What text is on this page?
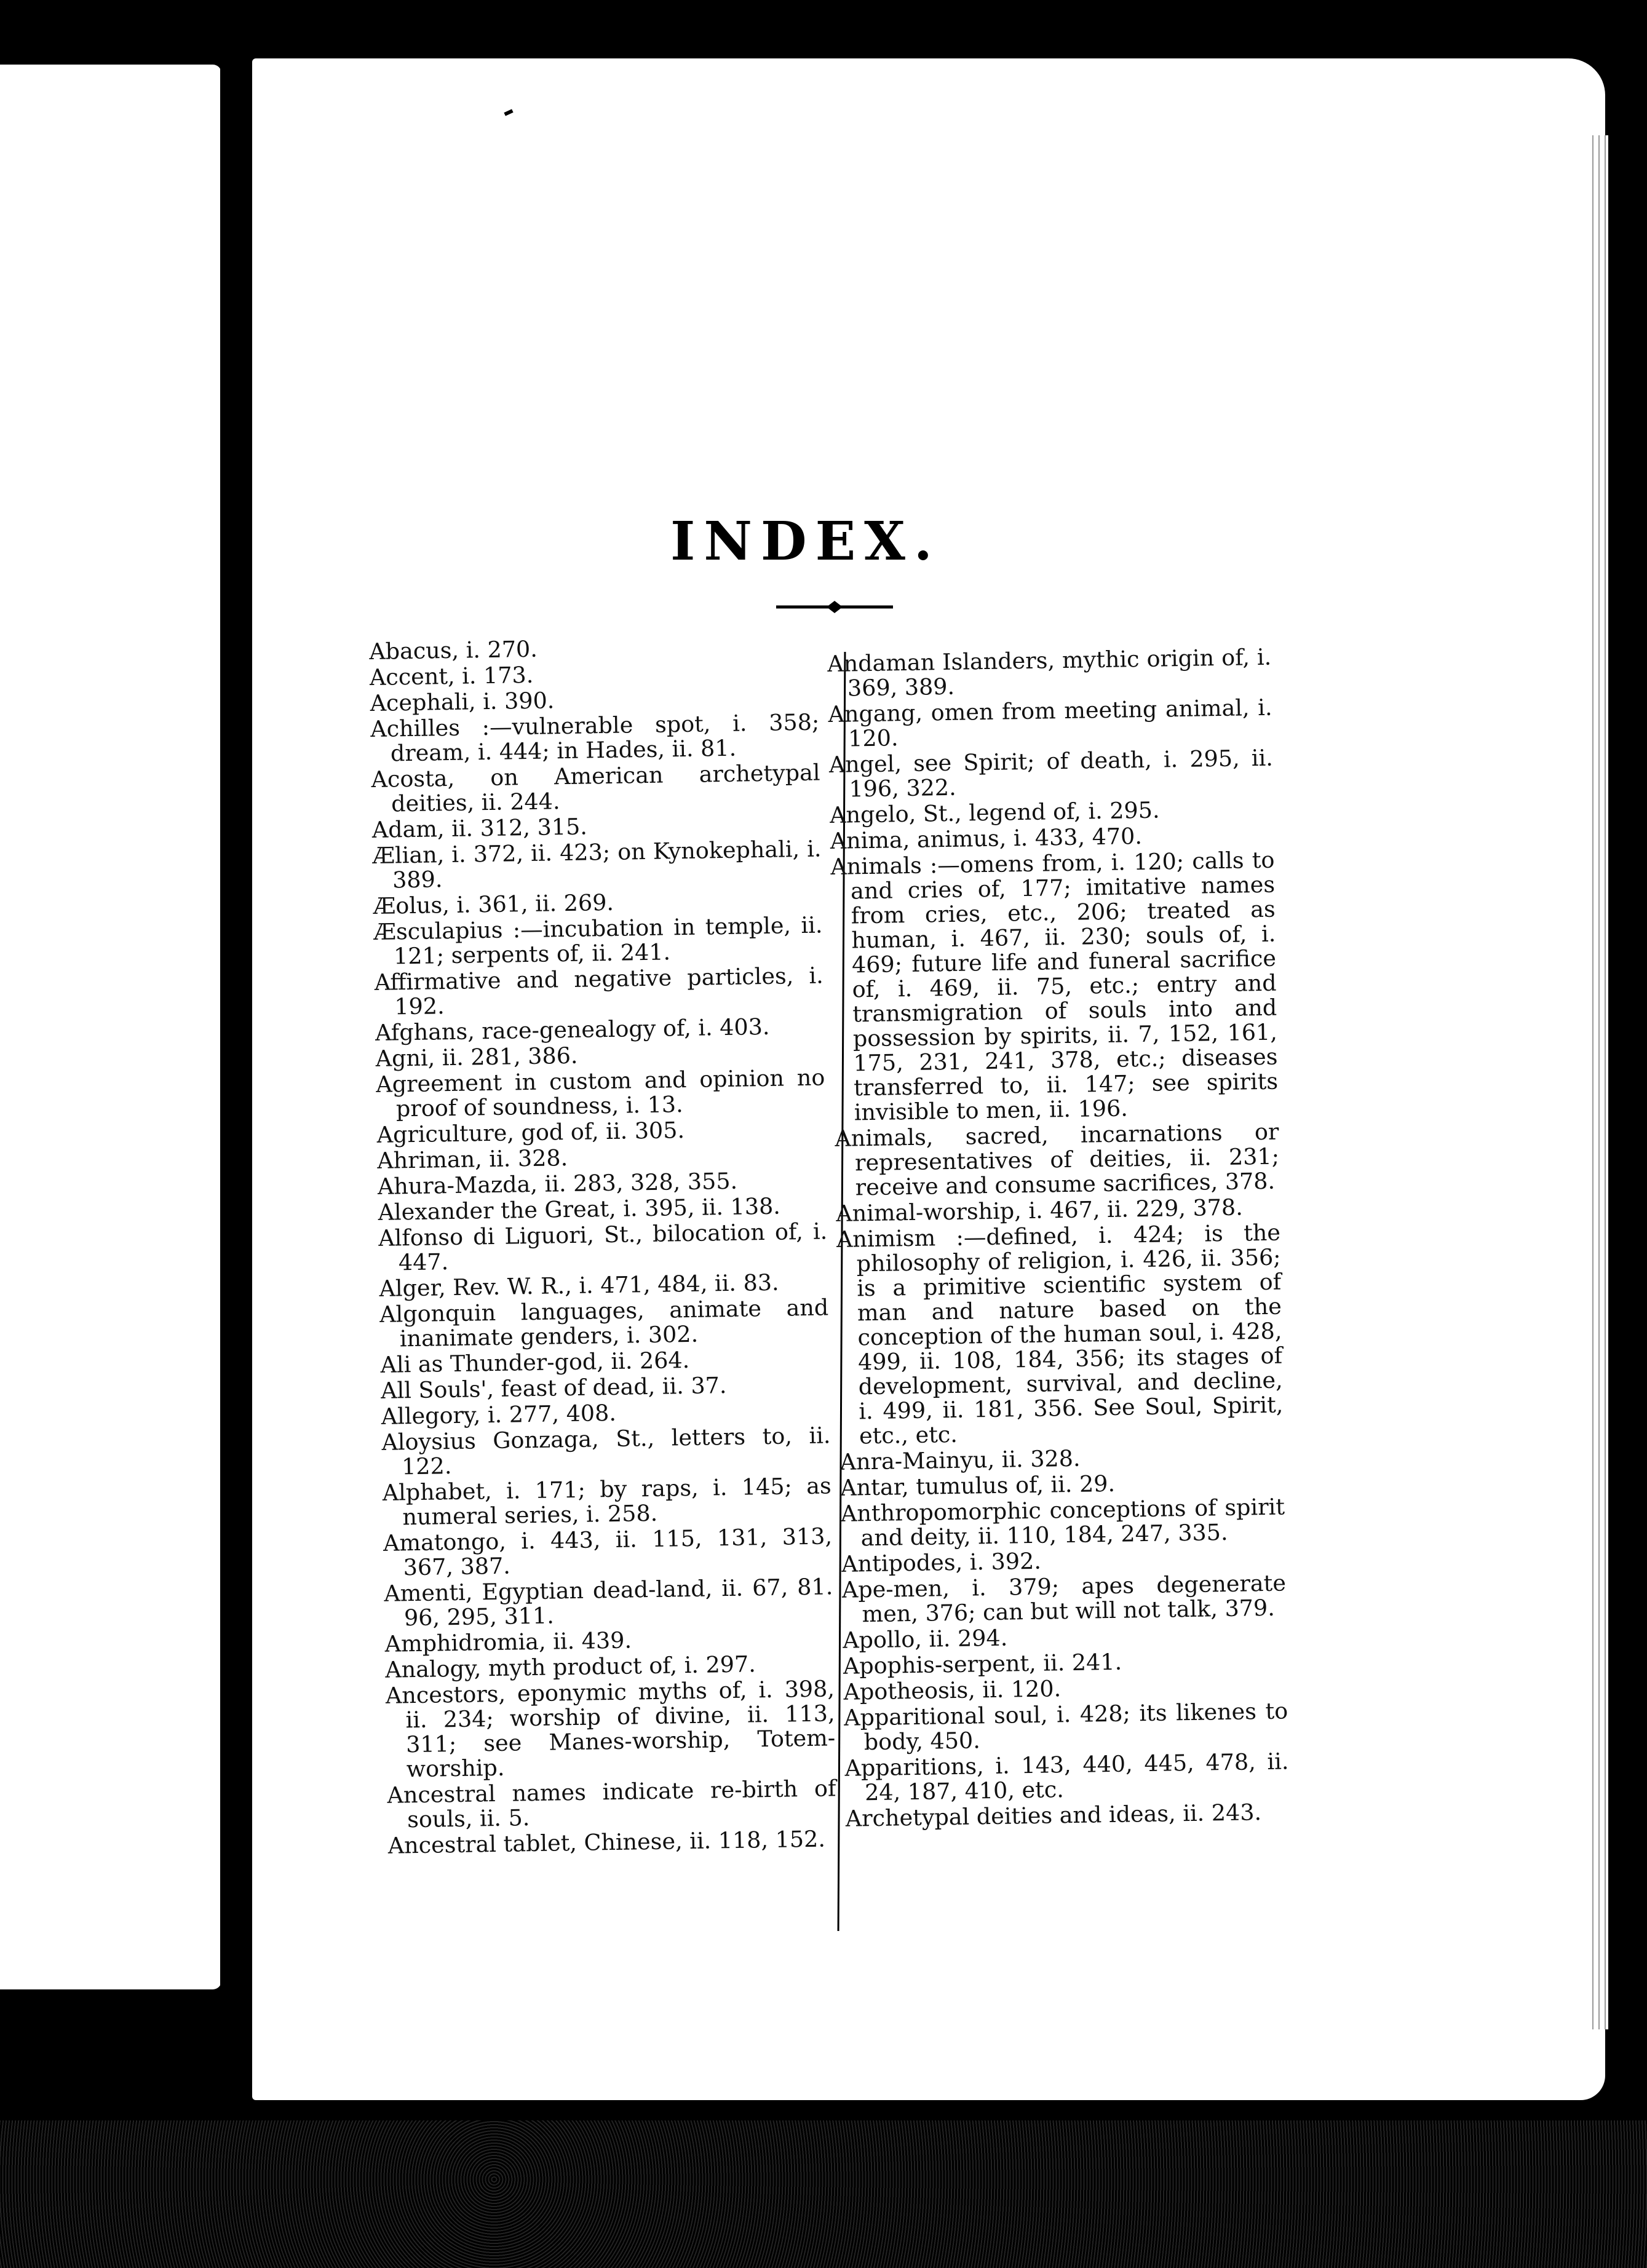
INDEX.

Abacus, i. 270.

Accent, i. 173.

Acephali, i. 390.

Achilles :—vulnerable spot, i. 358; dream, i. 444; in Hades, ii. 81.

Acosta, on American archetypal deities, ii. 244.

Adam, ii. 312, 315.

Ælian, i. 372, ii. 423; on Kynokephali, i. 389.

Æolus, i. 361, ii. 269.

Æsculapius :—incubation in temple, ii. 121; serpents of, ii. 241.

Affirmative and negative particles, i. 192.

Afghans, race-genealogy of, i. 403.

Agni, ii. 281, 386.

Agreement in custom and opinion no proof of soundness, i. 13.

Agriculture, god of, ii. 305.

Ahriman, ii. 328.

Ahura-Mazda, ii. 283, 328, 355.

Alexander the Great, i. 395, ii. 138.

Alfonso di Liguori, St., bilocation of, i. 447.

Alger, Rev. W. R., i. 471, 484, ii. 83.

Algonquin languages, animate and inanimate genders, i. 302.

Ali as Thunder-god, ii. 264.

All Souls', feast of dead, ii. 37.

Allegory, i. 277, 408.

Aloysius Gonzaga, St., letters to, ii. 122.

Alphabet, i. 171; by raps, i. 145; as numeral series, i. 258.

Amatongo, i. 443, ii. 115, 131, 313, 367, 387.

Amenti, Egyptian dead-land, ii. 67, 81. 96, 295, 311.

Amphidromia, ii. 439.

Analogy, myth product of, i. 297.

Ancestors, eponymic myths of, i. 398, ii. 234; worship of divine, ii. 113, 311; see Manes-worship, Totem-worship.

Ancestral names indicate re-birth of souls, ii. 5.

Ancestral tablet, Chinese, ii. 118, 152.

Andaman Islanders, mythic origin of, i. 369, 389.

Angang, omen from meeting animal, i. 120.

Angel, see Spirit; of death, i. 295, ii. 196, 322.

Angelo, St., legend of, i. 295.

Anima, animus, i. 433, 470.

Animals :—omens from, i. 120; calls to and cries of, 177; imitative names from cries, etc., 206; treated as human, i. 467, ii. 230; souls of, i. 469; future life and funeral sacrifice of, i. 469, ii. 75, etc.; entry and transmigration of souls into and possession by spirits, ii. 7, 152, 161, 175, 231, 241, 378, etc.; diseases transferred to, ii. 147; see spirits invisible to men, ii. 196.

Animals, sacred, incarnations or representatives of deities, ii. 231; receive and consume sacrifices, 378.

Animal-worship, i. 467, ii. 229, 378.

Animism :—defined, i. 424; is the philosophy of religion, i. 426, ii. 356; is a primitive scientific system of man and nature based on the conception of the human soul, i. 428, 499, ii. 108, 184, 356; its stages of development, survival, and decline, i. 499, ii. 181, 356. See Soul, Spirit, etc., etc.

Anra-Mainyu, ii. 328.

Antar, tumulus of, ii. 29.

Anthropomorphic conceptions of spirit and deity, ii. 110, 184, 247, 335.

Antipodes, i. 392.

Ape-men, i. 379; apes degenerate men, 376; can but will not talk, 379.

Apollo, ii. 294.

Apophis-serpent, ii. 241.

Apotheosis, ii. 120.

Apparitional soul, i. 428; its likenes to body, 450.

Apparitions, i. 143, 440, 445, 478, ii. 24, 187, 410, etc.

Archetypal deities and ideas, ii. 243.
